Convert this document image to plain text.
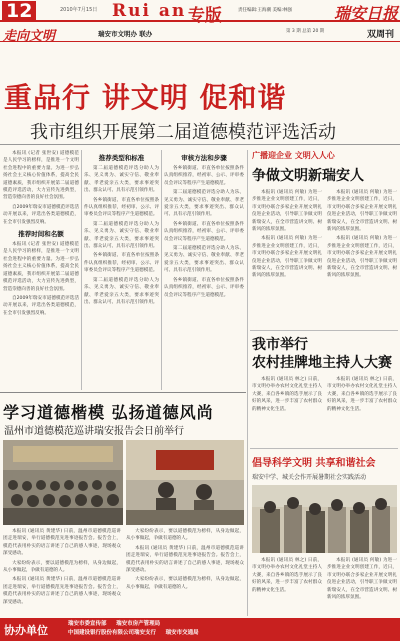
12	2010年7月15日 Rui an 专版	责任编辑:王海潮 美编:林强	瑞安日报
走向文明	瑞安市文明办 联办	第 3 期 总第 20 期	双周刊
重品行 讲文明 促和谐
我市组织开展第二届道德模范评选活动

本报讯 (记者 张世安) 道德模范是人民学习的榜样，是推进一个文明社会进程中的重要力量。为进一步弘扬社会主义核心价值体系，提高全民道德素质，我市组织开展第二届道德模范评选活动，大力宣传先进典型，营造崇德向善的良好社会氛围。

自2009年瑞安市道德模范评选活动开展以来，评选出各类道德模范，在全市引发强烈反响。

推荐时间和名额

本报讯 (记者 张世安) 道德模范是人民学习的榜样，是推进一个文明社会进程中的重要力量。为进一步弘扬社会主义核心价值体系，提高全民道德素质，我市组织开展第二届道德模范评选活动，大力宣传先进典型，营造崇德向善的良好社会氛围。

自2009年瑞安市道德模范评选活动开展以来，评选出各类道德模范，在全市引发强烈反响。

推荐类型和标准

第二届道德模范评选分助人为乐、见义勇为、诚实守信、敬业奉献、孝老爱亲五大类，要求事迹突出、群众认可、具有示范引领作用。

各乡镇街道、市直各单位按照条件认真组织推荐，经初审、公示、评审委员会评议等程序产生道德模范。

第二届道德模范评选分助人为乐、见义勇为、诚实守信、敬业奉献、孝老爱亲五大类，要求事迹突出、群众认可、具有示范引领作用。

各乡镇街道、市直各单位按照条件认真组织推荐，经初审、公示、评审委员会评议等程序产生道德模范。

第二届道德模范评选分助人为乐、见义勇为、诚实守信、敬业奉献、孝老爱亲五大类，要求事迹突出、群众认可、具有示范引领作用。

审核方法和步骤

各乡镇街道、市直各单位按照条件认真组织推荐，经初审、公示、评审委员会评议等程序产生道德模范。

第二届道德模范评选分助人为乐、见义勇为、诚实守信、敬业奉献、孝老爱亲五大类，要求事迹突出、群众认可、具有示范引领作用。

各乡镇街道、市直各单位按照条件认真组织推荐，经初审、公示、评审委员会评议等程序产生道德模范。

第二届道德模范评选分助人为乐、见义勇为、诚实守信、敬业奉献、孝老爱亲五大类，要求事迹突出、群众认可、具有示范引领作用。

各乡镇街道、市直各单位按照条件认真组织推荐，经初审、公示、评审委员会评议等程序产生道德模范。

广播迎企业 文明入人心
争做文明新瑞安人

本报讯 (通讯员 何敏) 为进一步推进企业文明创建工作，近日，市文明办联合多家企业开展文明礼仪进企业活动，引导职工争做文明新瑞安人，在全市营造讲文明、树新风的浓厚氛围。

本报讯 (通讯员 何敏) 为进一步推进企业文明创建工作，近日，市文明办联合多家企业开展文明礼仪进企业活动，引导职工争做文明新瑞安人，在全市营造讲文明、树新风的浓厚氛围。

本报讯 (通讯员 何敏) 为进一步推进企业文明创建工作，近日，市文明办联合多家企业开展文明礼仪进企业活动，引导职工争做文明新瑞安人，在全市营造讲文明、树新风的浓厚氛围。

本报讯 (通讯员 何敏) 为进一步推进企业文明创建工作，近日，市文明办联合多家企业开展文明礼仪进企业活动，引导职工争做文明新瑞安人，在全市营造讲文明、树新风的浓厚氛围。

我市举行
农村挂牌地主持人大赛

本报讯 (通讯员 林之) 日前，市文明办举办农村文化礼堂主持人大赛，来自各乡镇的选手展示了良好的风采，进一步丰富了农村群众的精神文化生活。

本报讯 (通讯员 林之) 日前，市文明办举办农村文化礼堂主持人大赛，来自各乡镇的选手展示了良好的风采，进一步丰富了农村群众的精神文化生活。

倡导科学文明 共享和谐社会
瑞安中学、城关会作开展暑期社会实践活动

本报讯 (通讯员 林之) 日前，市文明办举办农村文化礼堂主持人大赛，来自各乡镇的选手展示了良好的风采，进一步丰富了农村群众的精神文化生活。

本报讯 (通讯员 何敏) 为进一步推进企业文明创建工作，近日，市文明办联合多家企业开展文明礼仪进企业活动，引导职工争做文明新瑞安人，在全市营造讲文明、树新风的浓厚氛围。

学习道德楷模 弘扬道德风尚
温州市道德模范巡讲瑞安报告会日前举行

本报讯 (通讯员 黄建华) 日前，温州市道德模范巡讲团走进瑞安，举行道德模范先进事迹报告会。报告会上，模范代表用朴实的语言讲述了自己的感人事迹，现场观众深受感动。

大家纷纷表示，要以道德模范为榜样，从身边做起，从小事做起，争做有道德的人。

本报讯 (通讯员 黄建华) 日前，温州市道德模范巡讲团走进瑞安，举行道德模范先进事迹报告会。报告会上，模范代表用朴实的语言讲述了自己的感人事迹，现场观众深受感动。

大家纷纷表示，要以道德模范为榜样，从身边做起，从小事做起，争做有道德的人。

本报讯 (通讯员 黄建华) 日前，温州市道德模范巡讲团走进瑞安，举行道德模范先进事迹报告会。报告会上，模范代表用朴实的语言讲述了自己的感人事迹，现场观众深受感动。

大家纷纷表示，要以道德模范为榜样，从身边做起，从小事做起，争做有道德的人。

协办单位	瑞安市委宣传部 瑞安市房产管理局
中国建设银行股份有限公司瑞安支行 瑞安市交通局
